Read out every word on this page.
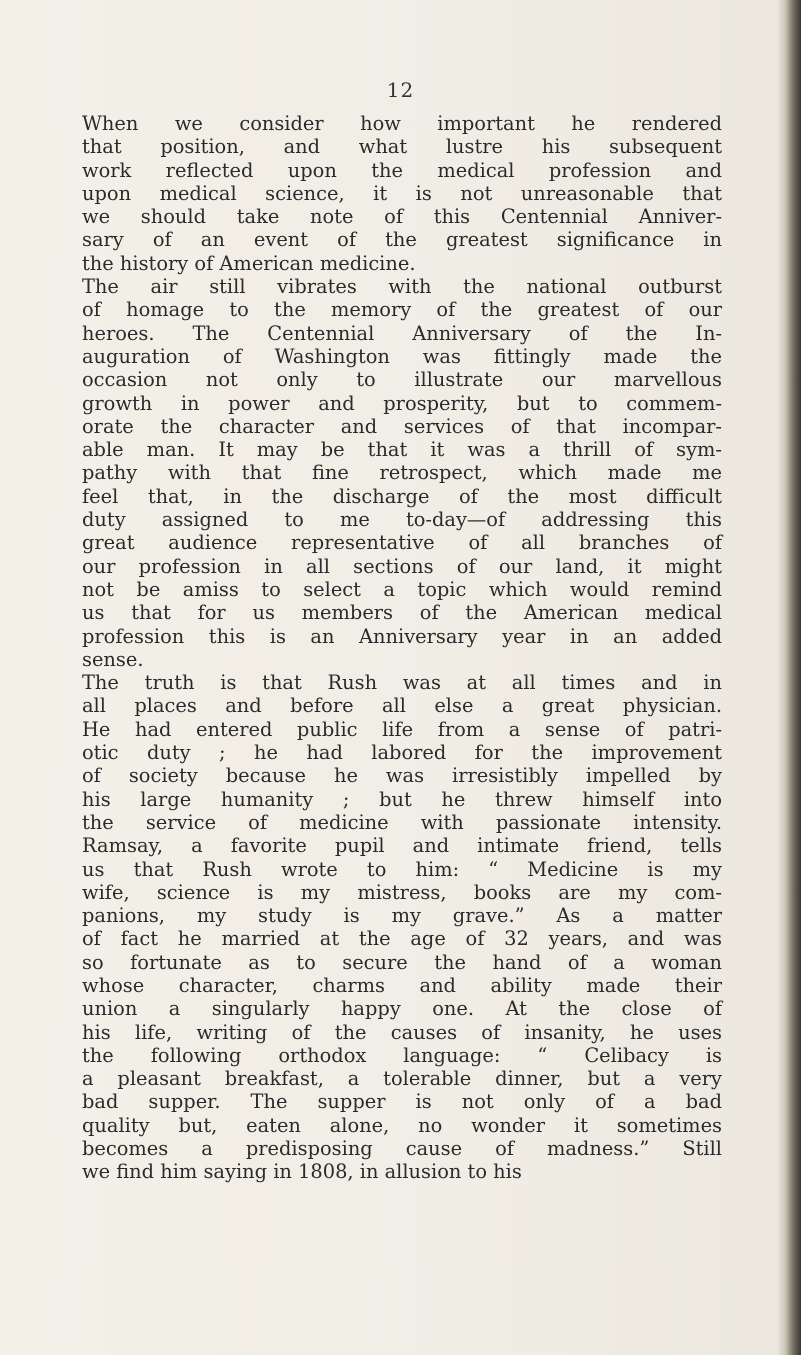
12

When we consider how important he rendered
that position, and what lustre his subsequent
work reflected upon the medical profession and
upon medical science, it is not unreasonable that
we should take note of this Centennial Anniver-
sary of an event of the greatest significance in
the history of American medicine.

The air still vibrates with the national outburst
of homage to the memory of the greatest of our
heroes. The Centennial Anniversary of the In-
auguration of Washington was fittingly made the
occasion not only to illustrate our marvellous
growth in power and prosperity, but to commem-
orate the character and services of that incompar-
able man. It may be that it was a thrill of sym-
pathy with that fine retrospect, which made me
feel that, in the discharge of the most difficult
duty assigned to me to-day—of addressing this
great audience representative of all branches of
our profession in all sections of our land, it might
not be amiss to select a topic which would remind
us that for us members of the American medical
profession this is an Anniversary year in an added
sense.

The truth is that Rush was at all times and in
all places and before all else a great physician.
He had entered public life from a sense of patri-
otic duty ; he had labored for the improvement
of society because he was irresistibly impelled by
his large humanity ; but he threw himself into
the service of medicine with passionate intensity.
Ramsay, a favorite pupil and intimate friend, tells
us that Rush wrote to him: “ Medicine is my
wife, science is my mistress, books are my com-
panions, my study is my grave.” As a matter
of fact he married at the age of 32 years, and was
so fortunate as to secure the hand of a woman
whose character, charms and ability made their
union a singularly happy one. At the close of
his life, writing of the causes of insanity, he uses
the following orthodox language: “ Celibacy is
a pleasant breakfast, a tolerable dinner, but a very
bad supper. The supper is not only of a bad
quality but, eaten alone, no wonder it sometimes
becomes a predisposing cause of madness.” Still
we find him saying in 1808, in allusion to his
